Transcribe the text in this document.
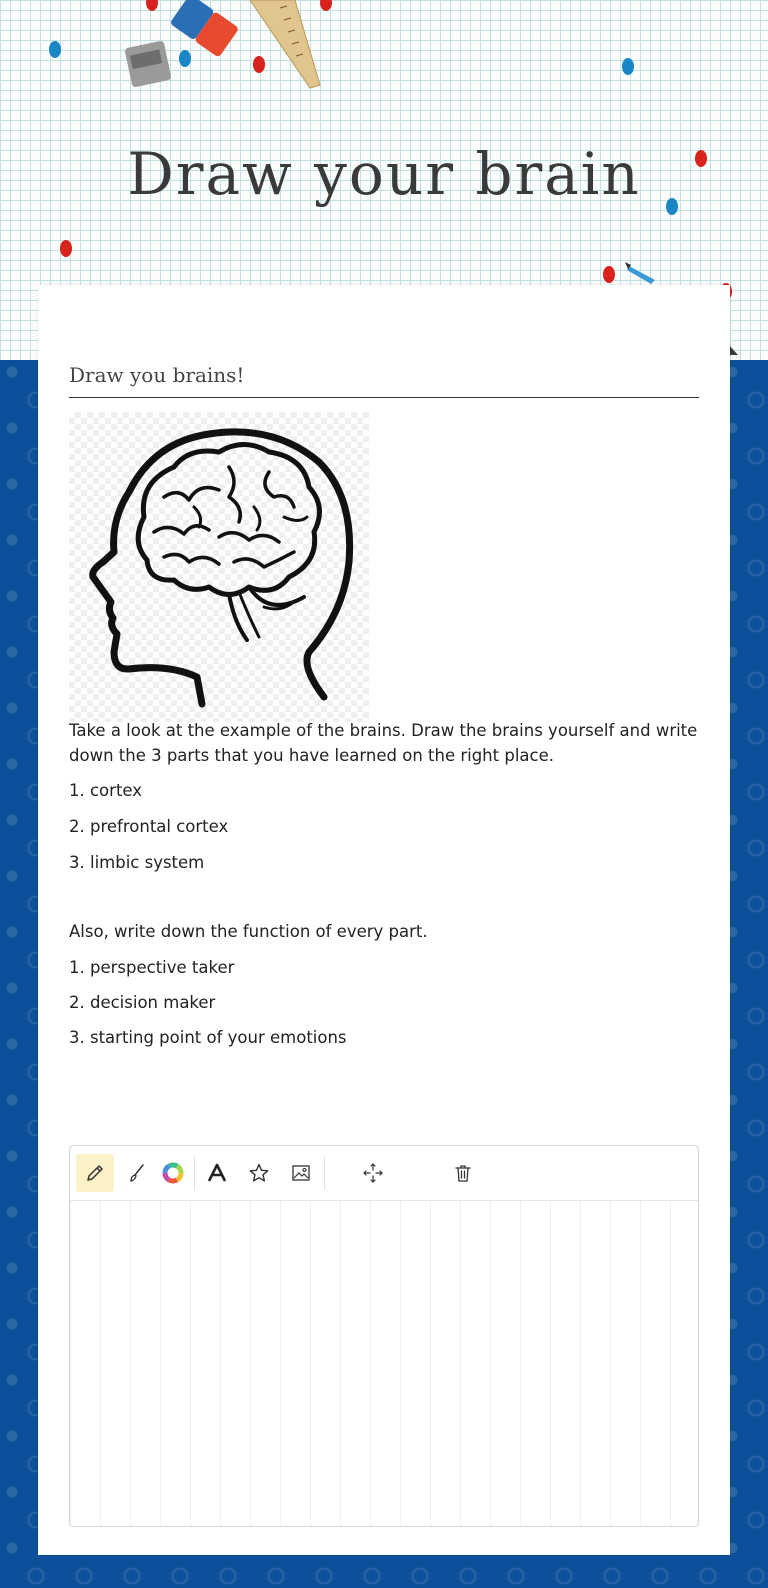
Draw your brain
Draw you brains!

Take a look at the example of the brains. Draw the brains yourself and write down the 3 parts that you have learned on the right place.

1. cortex

2. prefrontal cortex

3. limbic system

Also, write down the function of every part.

1. perspective taker

2. decision maker

3. starting point of your emotions
